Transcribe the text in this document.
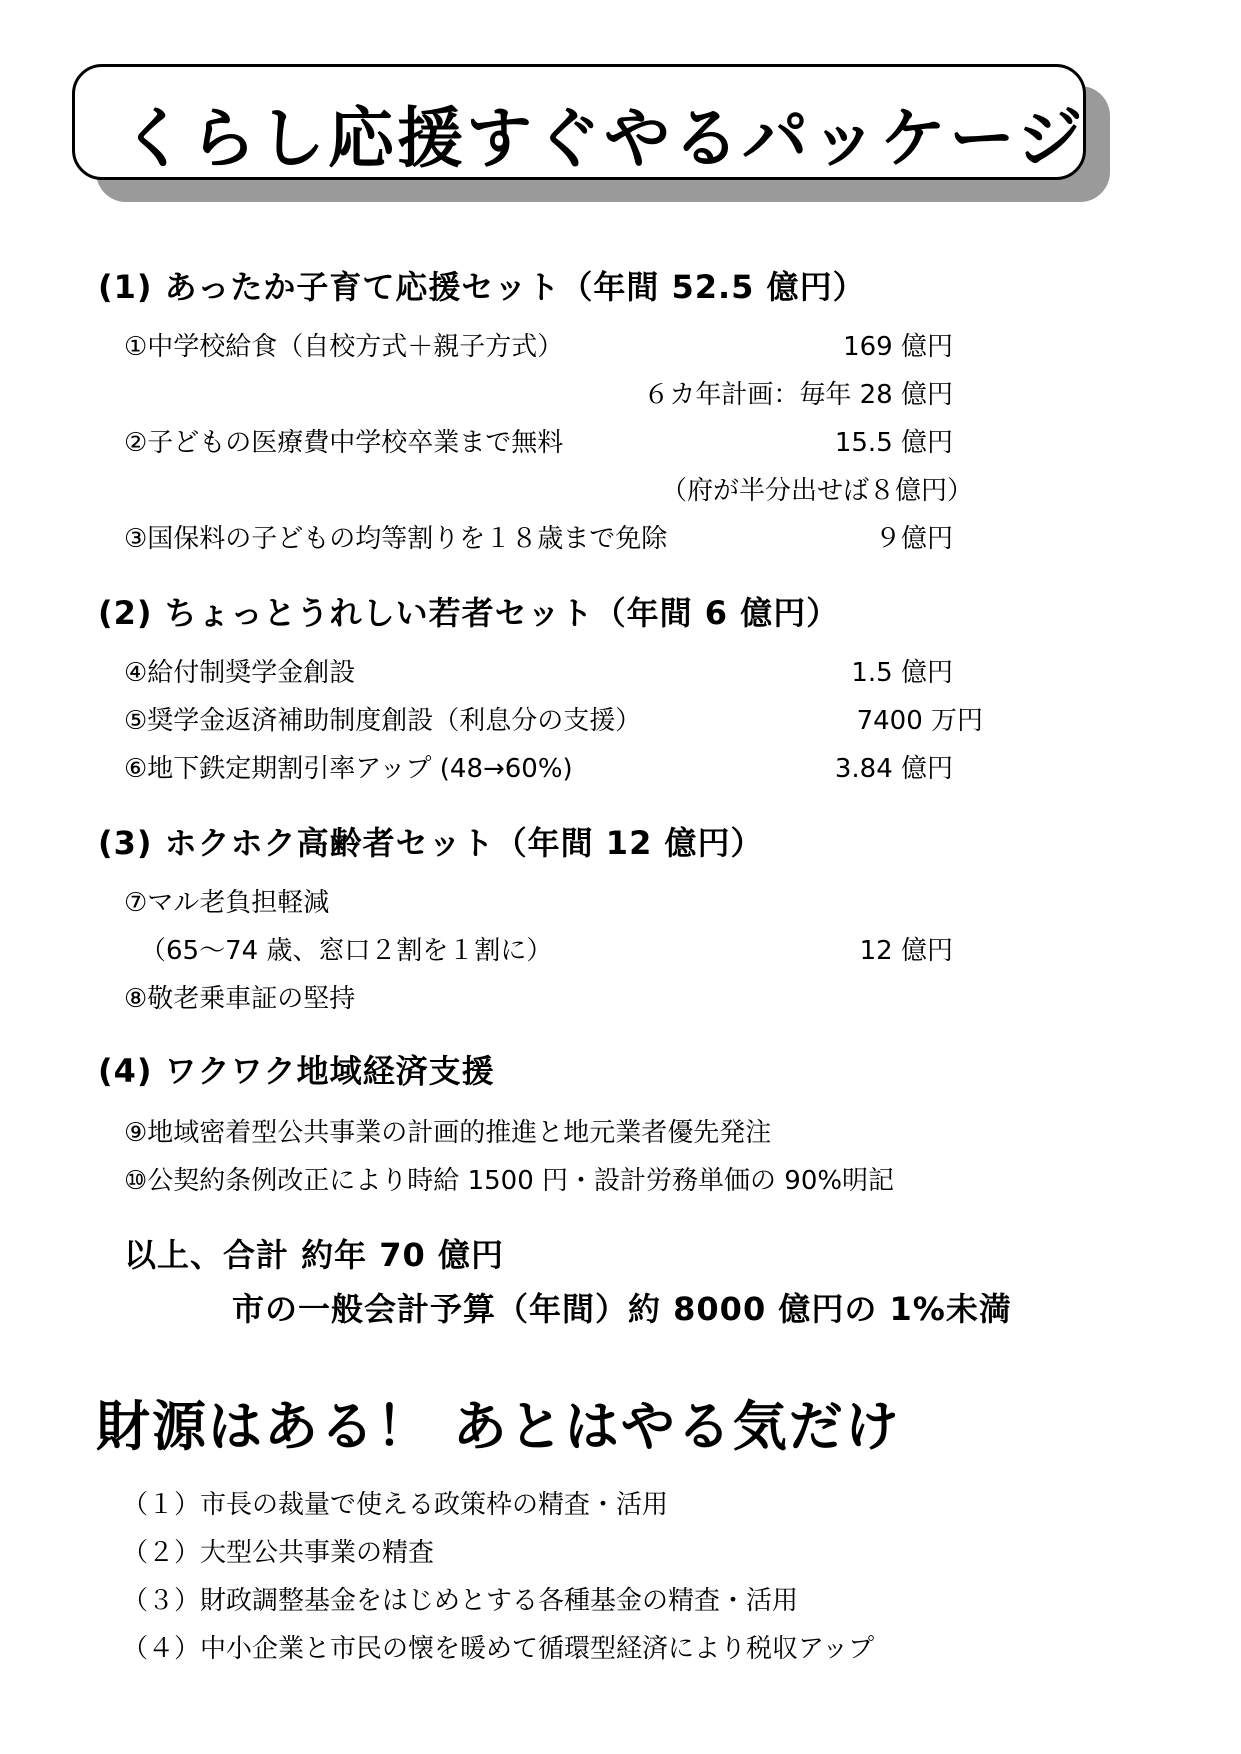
くらし応援すぐやるパッケージ
(1) あったか子育て応援セット（年間 52.5 億円）
①中学校給食（自校方式＋親子方式）	169 億円
６カ年計画：毎年 28 億円
②子どもの医療費中学校卒業まで無料	15.5 億円
（府が半分出せば８億円）
③国保料の子どもの均等割りを１８歳まで免除	９億円
(2) ちょっとうれしい若者セット（年間 6 億円）
④給付制奨学金創設	1.5 億円
⑤奨学金返済補助制度創設（利息分の支援）	7400 万円
⑥地下鉄定期割引率アップ (48→60%)	3.84 億円
(3) ホクホク高齢者セット（年間 12 億円）
⑦マル老負担軽減
（65～74 歳、窓口２割を１割に）	12 億円
⑧敬老乗車証の堅持
(4) ワクワク地域経済支援
⑨地域密着型公共事業の計画的推進と地元業者優先発注
⑩公契約条例改正により時給 1500 円・設計労務単価の 90%明記
以上、合計 約年 70 億円
市の一般会計予算（年間）約 8000 億円の 1%未満
財源はある！ あとはやる気だけ
（１）市長の裁量で使える政策枠の精査・活用
（２）大型公共事業の精査
（３）財政調整基金をはじめとする各種基金の精査・活用
（４）中小企業と市民の懐を暖めて循環型経済により税収アップ
